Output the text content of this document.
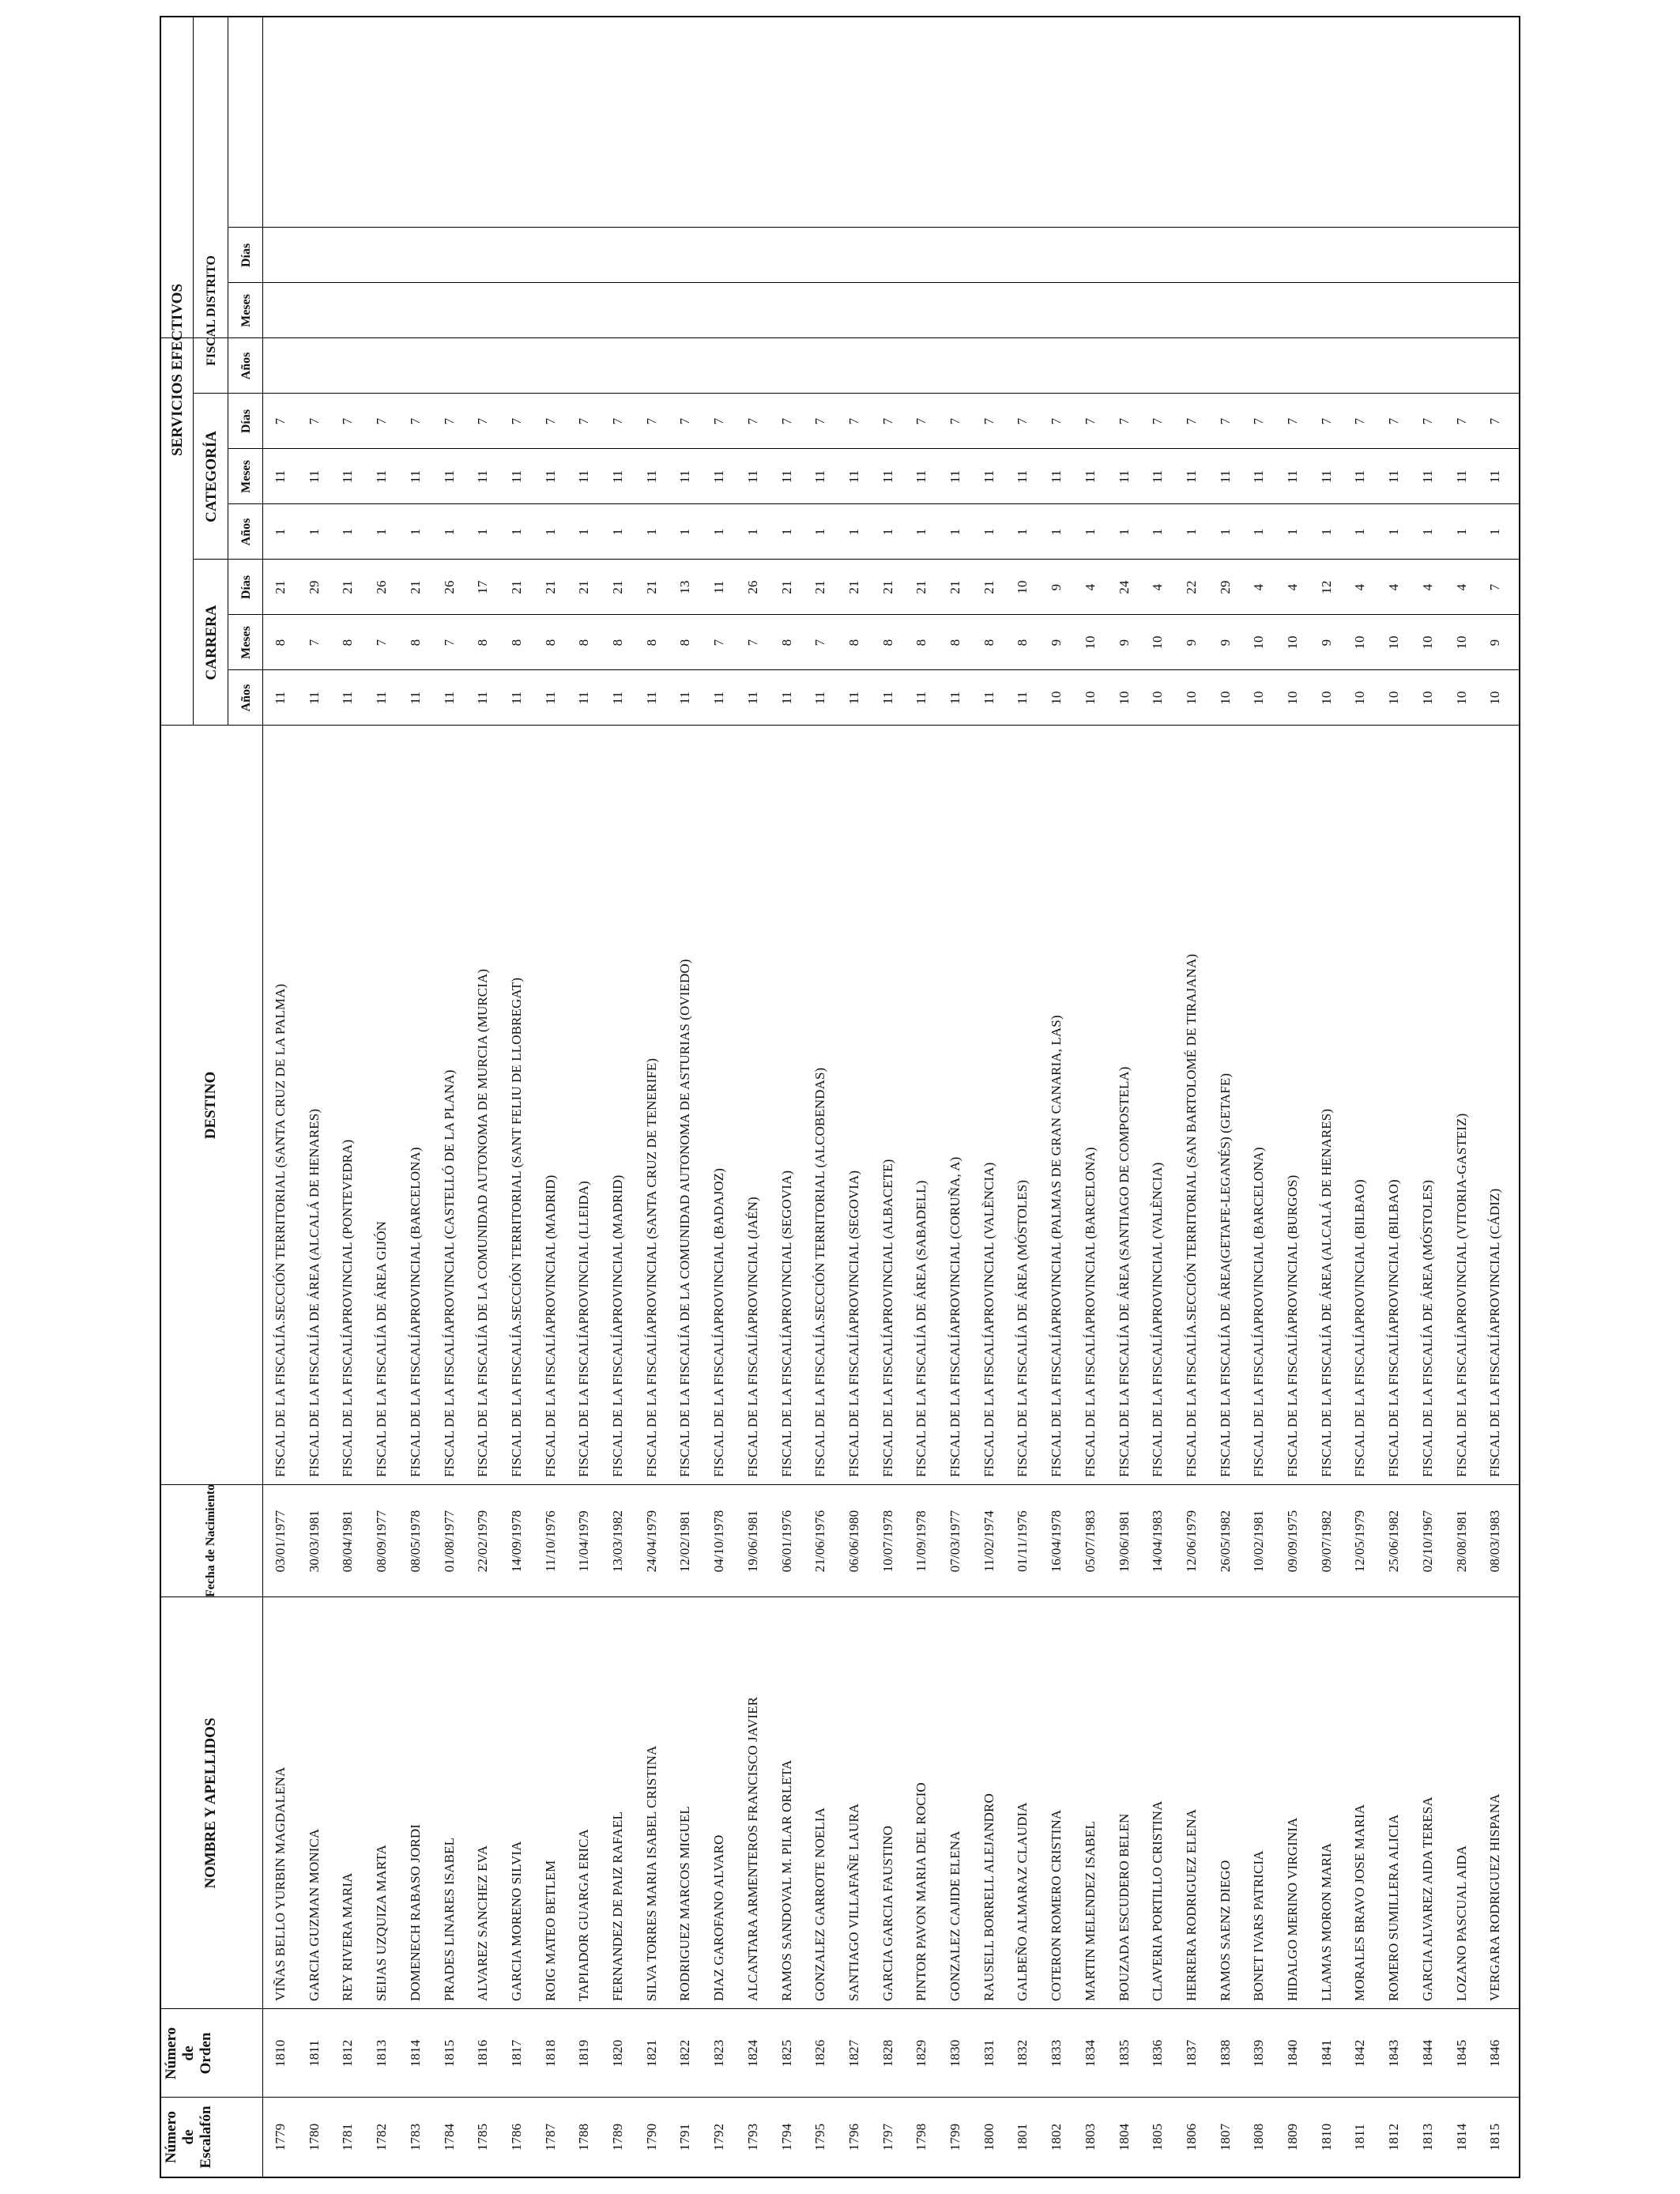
Número de Escalafón
Número de Orden
NOMBRE Y APELLIDOS
Fecha de Nacimiento
DESTINO
SERVICIOS EFECTIVOS
CARRERA
CATEGORÍA
Años
Meses
Días
Años
Meses
Días
FISCAL DISTRITO
Años
Meses
Días
1779
1810
VIÑAS BELLO YURBIN MAGDALENA
03/01/1977
FISCAL DE LA FISCALÍA.SECCIÓN TERRITORIAL (SANTA CRUZ DE LA PALMA)
11
8
21
1
11
7
1780
1811
GARCIA GUZMAN MONICA
30/03/1981
FISCAL DE LA FISCALÍA DE ÁREA (ALCALÁ DE HENARES)
11
7
29
1
11
7
1781
1812
REY RIVERA MARIA
08/04/1981
FISCAL DE LA FISCALÍAPROVINCIAL (PONTEVEDRA)
11
8
21
1
11
7
1782
1813
SEIJAS UZQUIZA MARTA
08/09/1977
FISCAL DE LA FISCALÍA DE ÁREA GIJÓN
11
7
26
1
11
7
1783
1814
DOMENECH RABASO JORDI
08/05/1978
FISCAL DE LA FISCALÍAPROVINCIAL (BARCELONA)
11
8
21
1
11
7
1784
1815
PRADES LINARES ISABEL
01/08/1977
FISCAL DE LA FISCALÍAPROVINCIAL (CASTELLÓ DE LA PLANA)
11
7
26
1
11
7
1785
1816
ALVAREZ SANCHEZ EVA
22/02/1979
FISCAL DE LA FISCALÍA DE LA COMUNIDAD AUTONOMA DE MURCIA (MURCIA)
11
8
17
1
11
7
1786
1817
GARCIA MORENO SILVIA
14/09/1978
FISCAL DE LA FISCALÍA.SECCIÓN TERRITORIAL (SANT FELIU DE LLOBREGAT)
11
8
21
1
11
7
1787
1818
ROIG MATEO BETLEM
11/10/1976
FISCAL DE LA FISCALÍAPROVINCIAL (MADRID)
11
8
21
1
11
7
1788
1819
TAPIADOR GUARGA ERICA
11/04/1979
FISCAL DE LA FISCALÍAPROVINCIAL (LLEIDA)
11
8
21
1
11
7
1789
1820
FERNANDEZ DE PAIZ RAFAEL
13/03/1982
FISCAL DE LA FISCALÍAPROVINCIAL (MADRID)
11
8
21
1
11
7
1790
1821
SILVA TORRES MARIA ISABEL CRISTINA
24/04/1979
FISCAL DE LA FISCALÍAPROVINCIAL (SANTA CRUZ DE TENERIFE)
11
8
21
1
11
7
1791
1822
RODRIGUEZ MARCOS MIGUEL
12/02/1981
FISCAL DE LA FISCALÍA DE LA COMUNIDAD AUTONOMA DE ASTURIAS (OVIEDO)
11
8
13
1
11
7
1792
1823
DIAZ GAROFANO ALVARO
04/10/1978
FISCAL DE LA FISCALÍAPROVINCIAL (BADAJOZ)
11
7
11
1
11
7
1793
1824
ALCANTARA ARMENTEROS FRANCISCO JAVIER
19/06/1981
FISCAL DE LA FISCALÍAPROVINCIAL (JAÉN)
11
7
26
1
11
7
1794
1825
RAMOS SANDOVAL M. PILAR ORLETA
06/01/1976
FISCAL DE LA FISCALÍAPROVINCIAL (SEGOVIA)
11
8
21
1
11
7
1795
1826
GONZALEZ GARROTE NOELIA
21/06/1976
FISCAL DE LA FISCALÍA.SECCIÓN TERRITORIAL (ALCOBENDAS)
11
7
21
1
11
7
1796
1827
SANTIAGO VILLAFAÑE LAURA
06/06/1980
FISCAL DE LA FISCALÍAPROVINCIAL (SEGOVIA)
11
8
21
1
11
7
1797
1828
GARCIA GARCIA FAUSTINO
10/07/1978
FISCAL DE LA FISCALÍAPROVINCIAL (ALBACETE)
11
8
21
1
11
7
1798
1829
PINTOR PAVON MARIA DEL ROCIO
11/09/1978
FISCAL DE LA FISCALÍA DE ÁREA (SABADELL)
11
8
21
1
11
7
1799
1830
GONZALEZ CAJIDE ELENA
07/03/1977
FISCAL DE LA FISCALÍAPROVINCIAL (CORUÑA, A)
11
8
21
1
11
7
1800
1831
RAUSELL BORRELL ALEJANDRO
11/02/1974
FISCAL DE LA FISCALÍAPROVINCIAL (VALÈNCIA)
11
8
21
1
11
7
1801
1832
GALBEÑO ALMARAZ CLAUDIA
01/11/1976
FISCAL DE LA FISCALÍA DE ÁREA (MÓSTOLES)
11
8
10
1
11
7
1802
1833
COTERON ROMERO CRISTINA
16/04/1978
FISCAL DE LA FISCALÍAPROVINCIAL (PALMAS DE GRAN CANARIA, LAS)
10
9
9
1
11
7
1803
1834
MARTIN MELENDEZ ISABEL
05/07/1983
FISCAL DE LA FISCALÍAPROVINCIAL (BARCELONA)
10
10
4
1
11
7
1804
1835
BOUZADA ESCUDERO BELEN
19/06/1981
FISCAL DE LA FISCALÍA DE ÁREA (SANTIAGO DE COMPOSTELA)
10
9
24
1
11
7
1805
1836
CLAVERIA PORTILLO CRISTINA
14/04/1983
FISCAL DE LA FISCALÍAPROVINCIAL (VALÈNCIA)
10
10
4
1
11
7
1806
1837
HERRERA RODRIGUEZ ELENA
12/06/1979
FISCAL DE LA FISCALÍA.SECCIÓN TERRITORIAL (SAN BARTOLOMÉ DE TIRAJANA)
10
9
22
1
11
7
1807
1838
RAMOS SAENZ DIEGO
26/05/1982
FISCAL DE LA FISCALÍA DE ÁREA(GETAFE-LEGANÉS) (GETAFE)
10
9
29
1
11
7
1808
1839
BONET IVARS PATRICIA
10/02/1981
FISCAL DE LA FISCALÍAPROVINCIAL (BARCELONA)
10
10
4
1
11
7
1809
1840
HIDALGO MERINO VIRGINIA
09/09/1975
FISCAL DE LA FISCALÍAPROVINCIAL (BURGOS)
10
10
4
1
11
7
1810
1841
LLAMAS MORON MARIA
09/07/1982
FISCAL DE LA FISCALÍA DE ÁREA (ALCALÁ DE HENARES)
10
9
12
1
11
7
1811
1842
MORALES BRAVO JOSE MARIA
12/05/1979
FISCAL DE LA FISCALÍAPROVINCIAL (BILBAO)
10
10
4
1
11
7
1812
1843
ROMERO SUMILLERA ALICIA
25/06/1982
FISCAL DE LA FISCALÍAPROVINCIAL (BILBAO)
10
10
4
1
11
7
1813
1844
GARCIA ALVAREZ AIDA TERESA
02/10/1967
FISCAL DE LA FISCALÍA DE ÁREA (MÓSTOLES)
10
10
4
1
11
7
1814
1845
LOZANO PASCUAL AIDA
28/08/1981
FISCAL DE LA FISCALÍAPROVINCIAL (VITORIA-GASTEIZ)
10
10
4
1
11
7
1815
1846
VERGARA RODRIGUEZ HISPANA
08/03/1983
FISCAL DE LA FISCALÍAPROVINCIAL (CÁDIZ)
10
9
7
1
11
7
